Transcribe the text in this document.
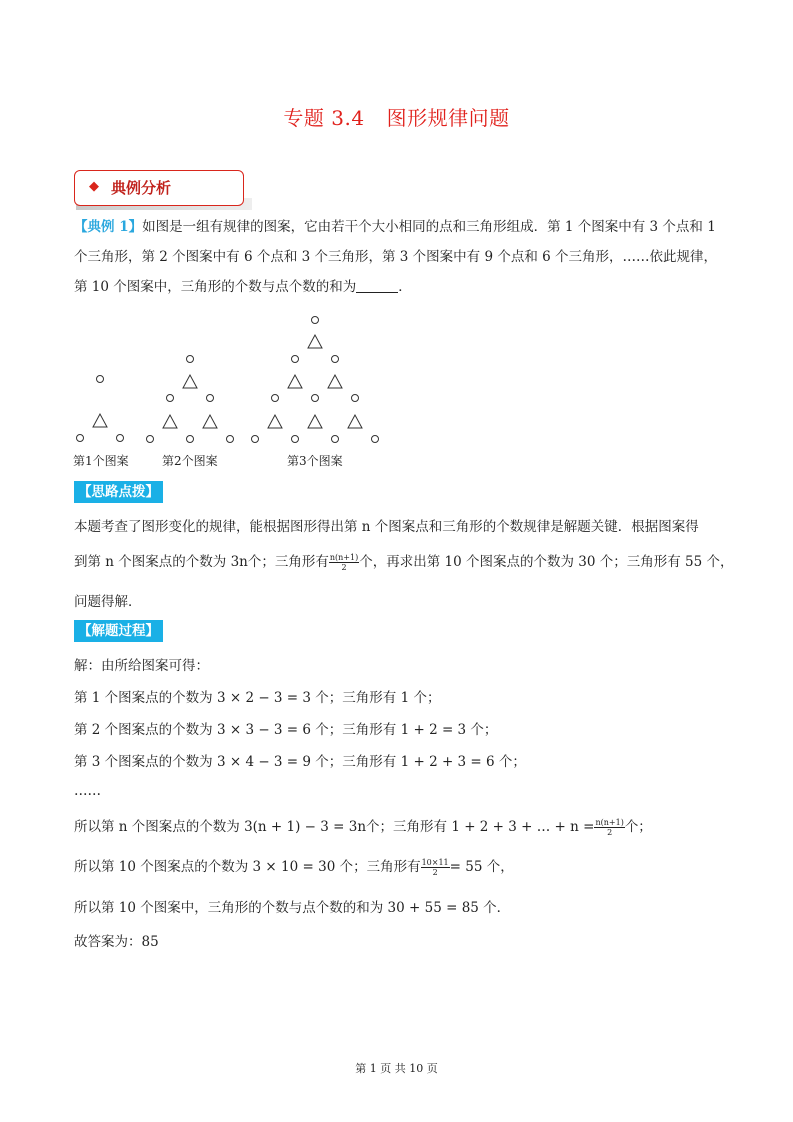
专题 3.4 图形规律问题
◆ 典例分析
【典例 1】如图是一组有规律的图案，它由若干个大小相同的点和三角形组成．第 1 个图案中有 3 个点和 1 个三角形，第 2 个图案中有 6 个点和 3 个三角形，第 3 个图案中有 9 个点和 6 个三角形，……依此规律，第 10 个图案中，三角形的个数与点个数的和为	．
第1个图案	第2个图案	第3个图案
【思路点拨】
本题考查了图形变化的规律，能根据图形得出第 n 个图案点和三角形的个数规律是解题关键．根据图案得
到第 n 个图案点的个数为 3n个；三角形有 $\frac{n(n+1)}{2}$ 个，再求出第 10 个图案点的个数为 30 个；三角形有 55 个，
问题得解．
【解题过程】
解：由所给图案可得：
第 1 个图案点的个数为 3 × 2 − 3 = 3 个；三角形有 1 个；
第 2 个图案点的个数为 3 × 3 − 3 = 6 个；三角形有 1 + 2 = 3 个；
第 3 个图案点的个数为 3 × 4 − 3 = 9 个；三角形有 1 + 2 + 3 = 6 个；
……
所以第 n 个图案点的个数为 3(n + 1) − 3 = 3n个；三角形有 1 + 2 + 3 + … + $n = \frac{n(n+1)}{2}$ 个；
所以第 10 个图案点的个数为 3 × 10 = 30 个；三角形有 $\frac{10\times 11}{2} = 55$ 个，
所以第 10 个图案中，三角形的个数与点个数的和为 30 + 55 = 85 个．
故答案为：85
第 1 页 共 10 页
